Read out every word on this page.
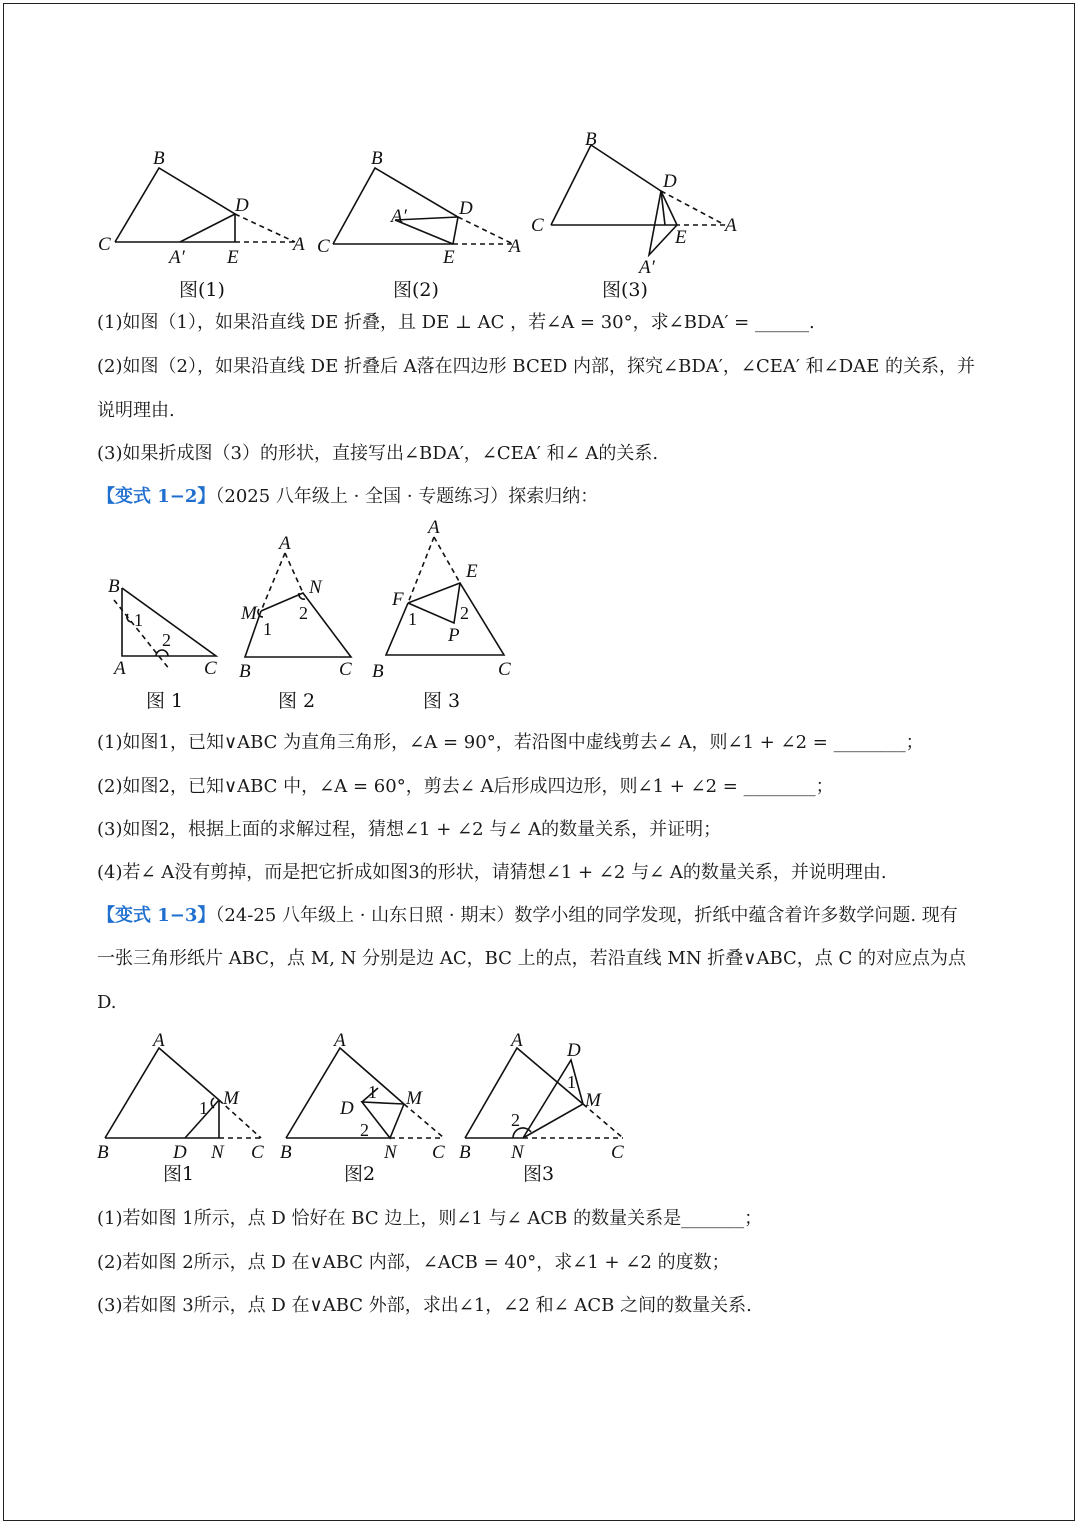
B
C
D
A
A′ E
图(1)
B
C
D
A
A′
E
图(2)
B
C
D
A
A′
E
图(3)
(1)如图（1），如果沿直线 DE 折叠，且 DE ⊥ AC ，若∠A = 30°，求∠BDA′ = ______.
(2)如图（2），如果沿直线 DE 折叠后 A落在四边形 BCED 内部，探究∠BDA′，∠CEA′ 和∠DAE 的关系，并
说明理由.
(3)如果折成图（3）的形状，直接写出∠BDA′，∠CEA′ 和∠ A的关系.
【变式 1−2】（2025 八年级上 · 全国 · 专题练习）探索归纳：
B
A	C
1
2
图 1
A
M
N
B	C
1
2
图 2
A
E
F
P
B	C
1 2
图 3
(1)如图1，已知∨ABC 为直角三角形，∠A = 90°，若沿图中虚线剪去∠ A，则∠1 + ∠2 = ________；
(2)如图2，已知∨ABC 中，∠A = 60°，剪去∠ A后形成四边形，则∠1 + ∠2 = ________；
(3)如图2，根据上面的求解过程，猜想∠1 + ∠2 与∠ A的数量关系，并证明；
(4)若∠ A没有剪掉，而是把它折成如图3的形状，请猜想∠1 + ∠2 与∠ A的数量关系，并说明理由.
【变式 1−3】（24-25 八年级上 · 山东日照 · 期末）数学小组的同学发现，折纸中蕴含着许多数学问题. 现有
一张三角形纸片 ABC，点 M, N 分别是边 AC，BC 上的点，若沿直线 MN 折叠∨ABC，点 C 的对应点为点
D.
A
M
B	D N C
1
图1
A
M
D
B	N C
1
2
图2
A D
M
B N	C
1
2
图3
(1)若如图 1所示，点 D 恰好在 BC 边上，则∠1 与∠ ACB 的数量关系是_______；
(2)若如图 2所示，点 D 在∨ABC 内部，∠ACB = 40°，求∠1 + ∠2 的度数；
(3)若如图 3所示，点 D 在∨ABC 外部，求出∠1，∠2 和∠ ACB 之间的数量关系.
